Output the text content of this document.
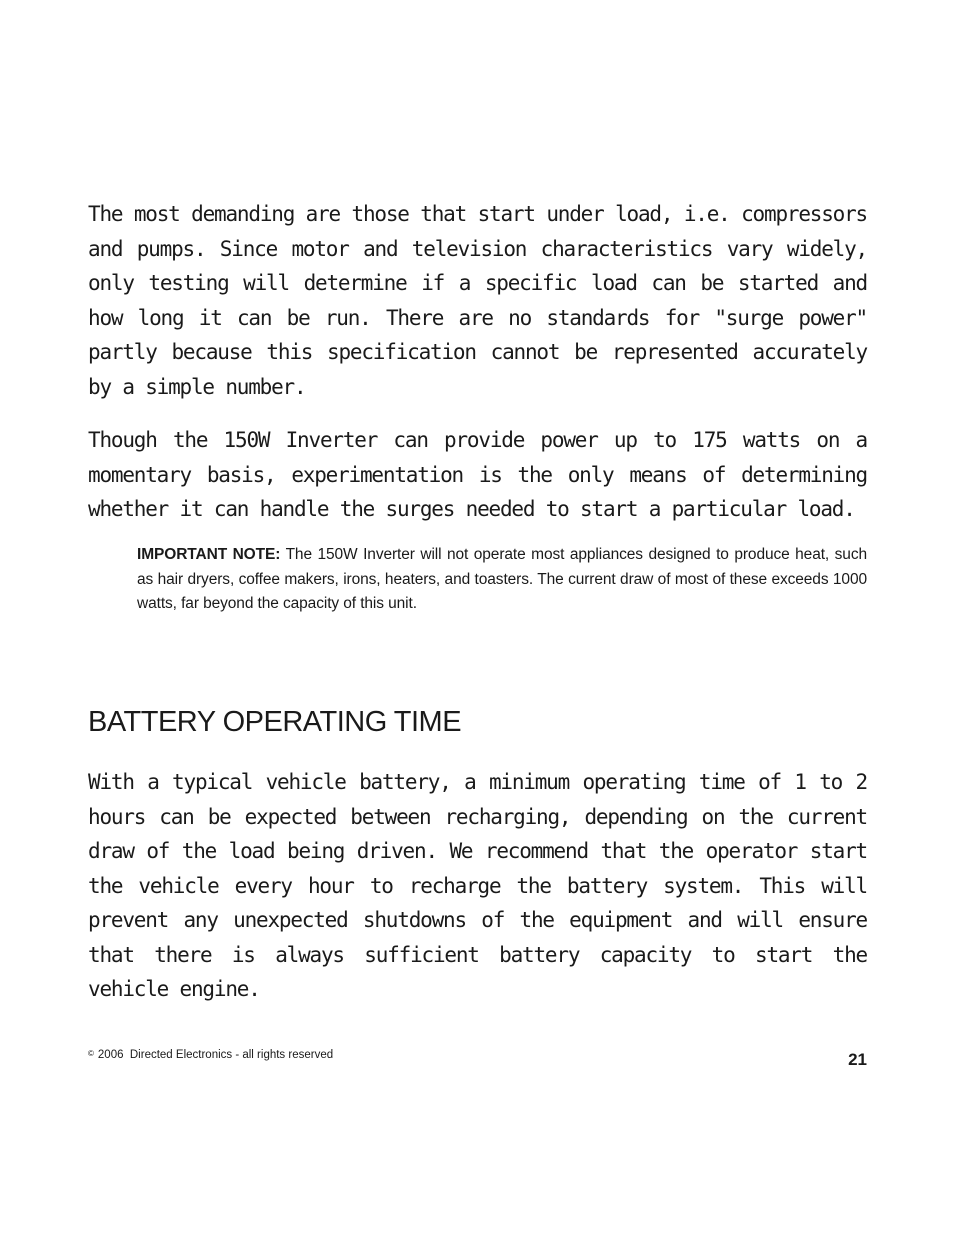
The most demanding are those that start under load, i.e. compressors and pumps. Since motor and television characteristics vary widely, only testing will determine if a specific load can be started and how long it can be run. There are no standards for "surge power" partly because this specification cannot be represented accurately by a simple number.

Though the 150W Inverter can provide power up to 175 watts on a momentary basis, experimentation is the only means of determining whether it can handle the surges needed to start a particular load.

IMPORTANT NOTE: The 150W Inverter will not operate most appliances designed to produce heat, such as hair dryers, coffee makers, irons, heaters, and toasters. The current draw of most of these exceeds 1000 watts, far beyond the capacity of this unit.

BATTERY OPERATING TIME

With a typical vehicle battery, a minimum operating time of 1 to 2 hours can be expected between recharging, depending on the current draw of the load being driven. We recommend that the operator start the vehicle every hour to recharge the battery system. This will prevent any unexpected shutdowns of the equipment and will ensure that there is always sufficient battery capacity to start the vehicle engine.

© 2006  Directed Electronics - all rights reserved	21
